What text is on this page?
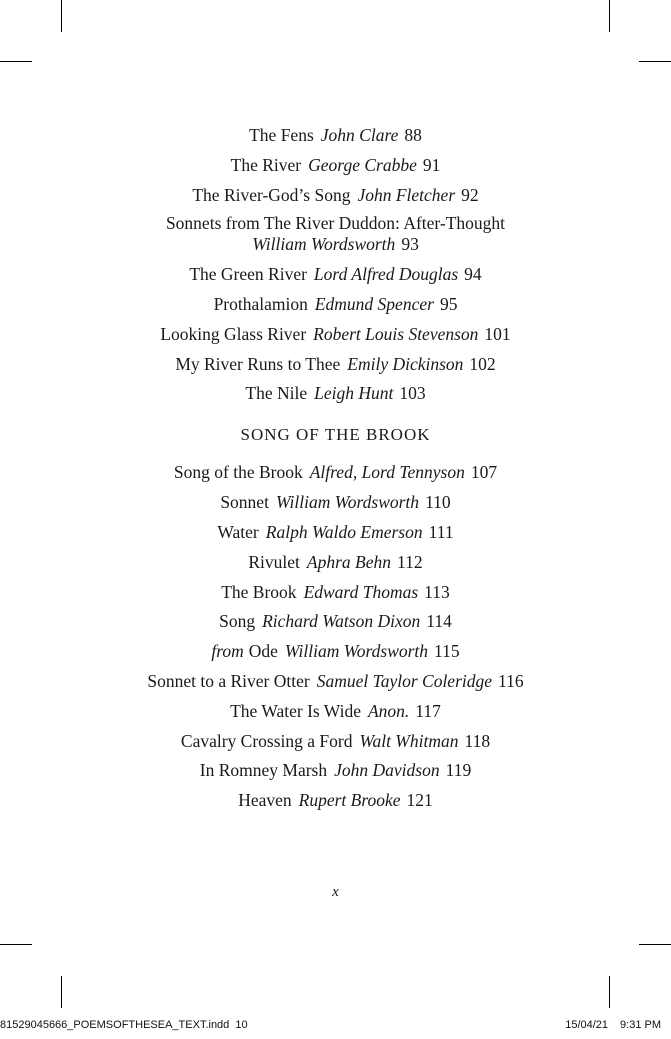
The Fens John Clare 88
The River George Crabbe 91
The River-God’s Song John Fletcher 92
Sonnets from The River Duddon: After-Thought
William Wordsworth 93
The Green River Lord Alfred Douglas 94
Prothalamion Edmund Spencer 95
Looking Glass River Robert Louis Stevenson 101
My River Runs to Thee Emily Dickinson 102
The Nile Leigh Hunt 103
SONG OF THE BROOK
Song of the Brook Alfred, Lord Tennyson 107
Sonnet William Wordsworth 110
Water Ralph Waldo Emerson 111
Rivulet Aphra Behn 112
The Brook Edward Thomas 113
Song Richard Watson Dixon 114
from Ode William Wordsworth 115
Sonnet to a River Otter Samuel Taylor Coleridge 116
The Water Is Wide Anon. 117
Cavalry Crossing a Ford Walt Whitman 118
In Romney Marsh John Davidson 119
Heaven Rupert Brooke 121
x
81529045666_POEMSOFTHESEA_TEXT.indd 10	15/04/21 9:31 PM
